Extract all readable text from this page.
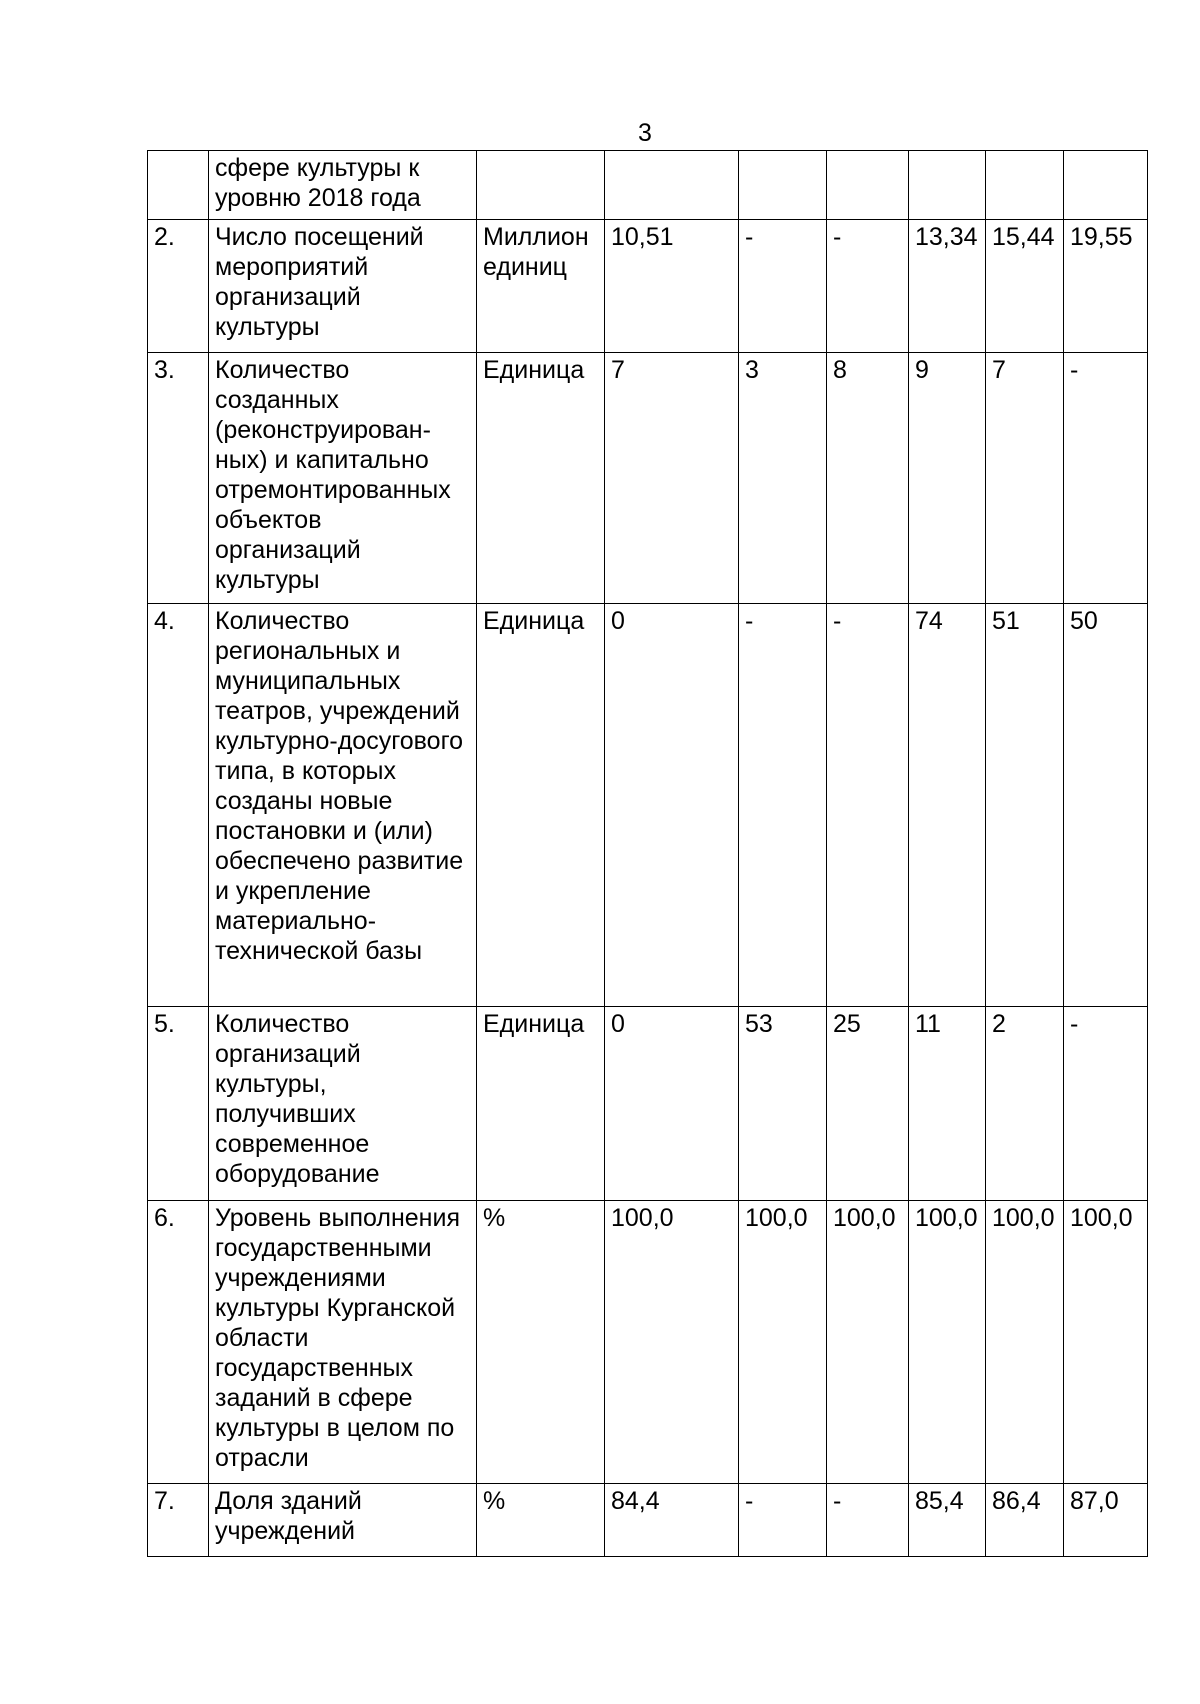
3
	сфере культуры к уровню 2018 года							
2.	Число посещений мероприятий организаций культуры	Миллион единиц	10,51	-	-	13,34	15,44	19,55
3.	Количество созданных (реконструирован-ных) и капитально отремонтированных объектов организаций культуры	Единица	7	3	8	9	7	-
4.	Количество региональных и муниципальных театров, учреждений культурно-досугового типа, в которых созданы новые постановки и (или) обеспечено развитие и укрепление материально-технической базы	Единица	0	-	-	74	51	50
5.	Количество организаций культуры, получивших современное оборудование	Единица	0	53	25	11	2	-
6.	Уровень выполнения государственными учреждениями культуры Курганской области государственных заданий в сфере культуры в целом по отрасли	%	100,0	100,0	100,0	100,0	100,0	100,0
7.	Доля зданий учреждений	%	84,4	-	-	85,4	86,4	87,0
